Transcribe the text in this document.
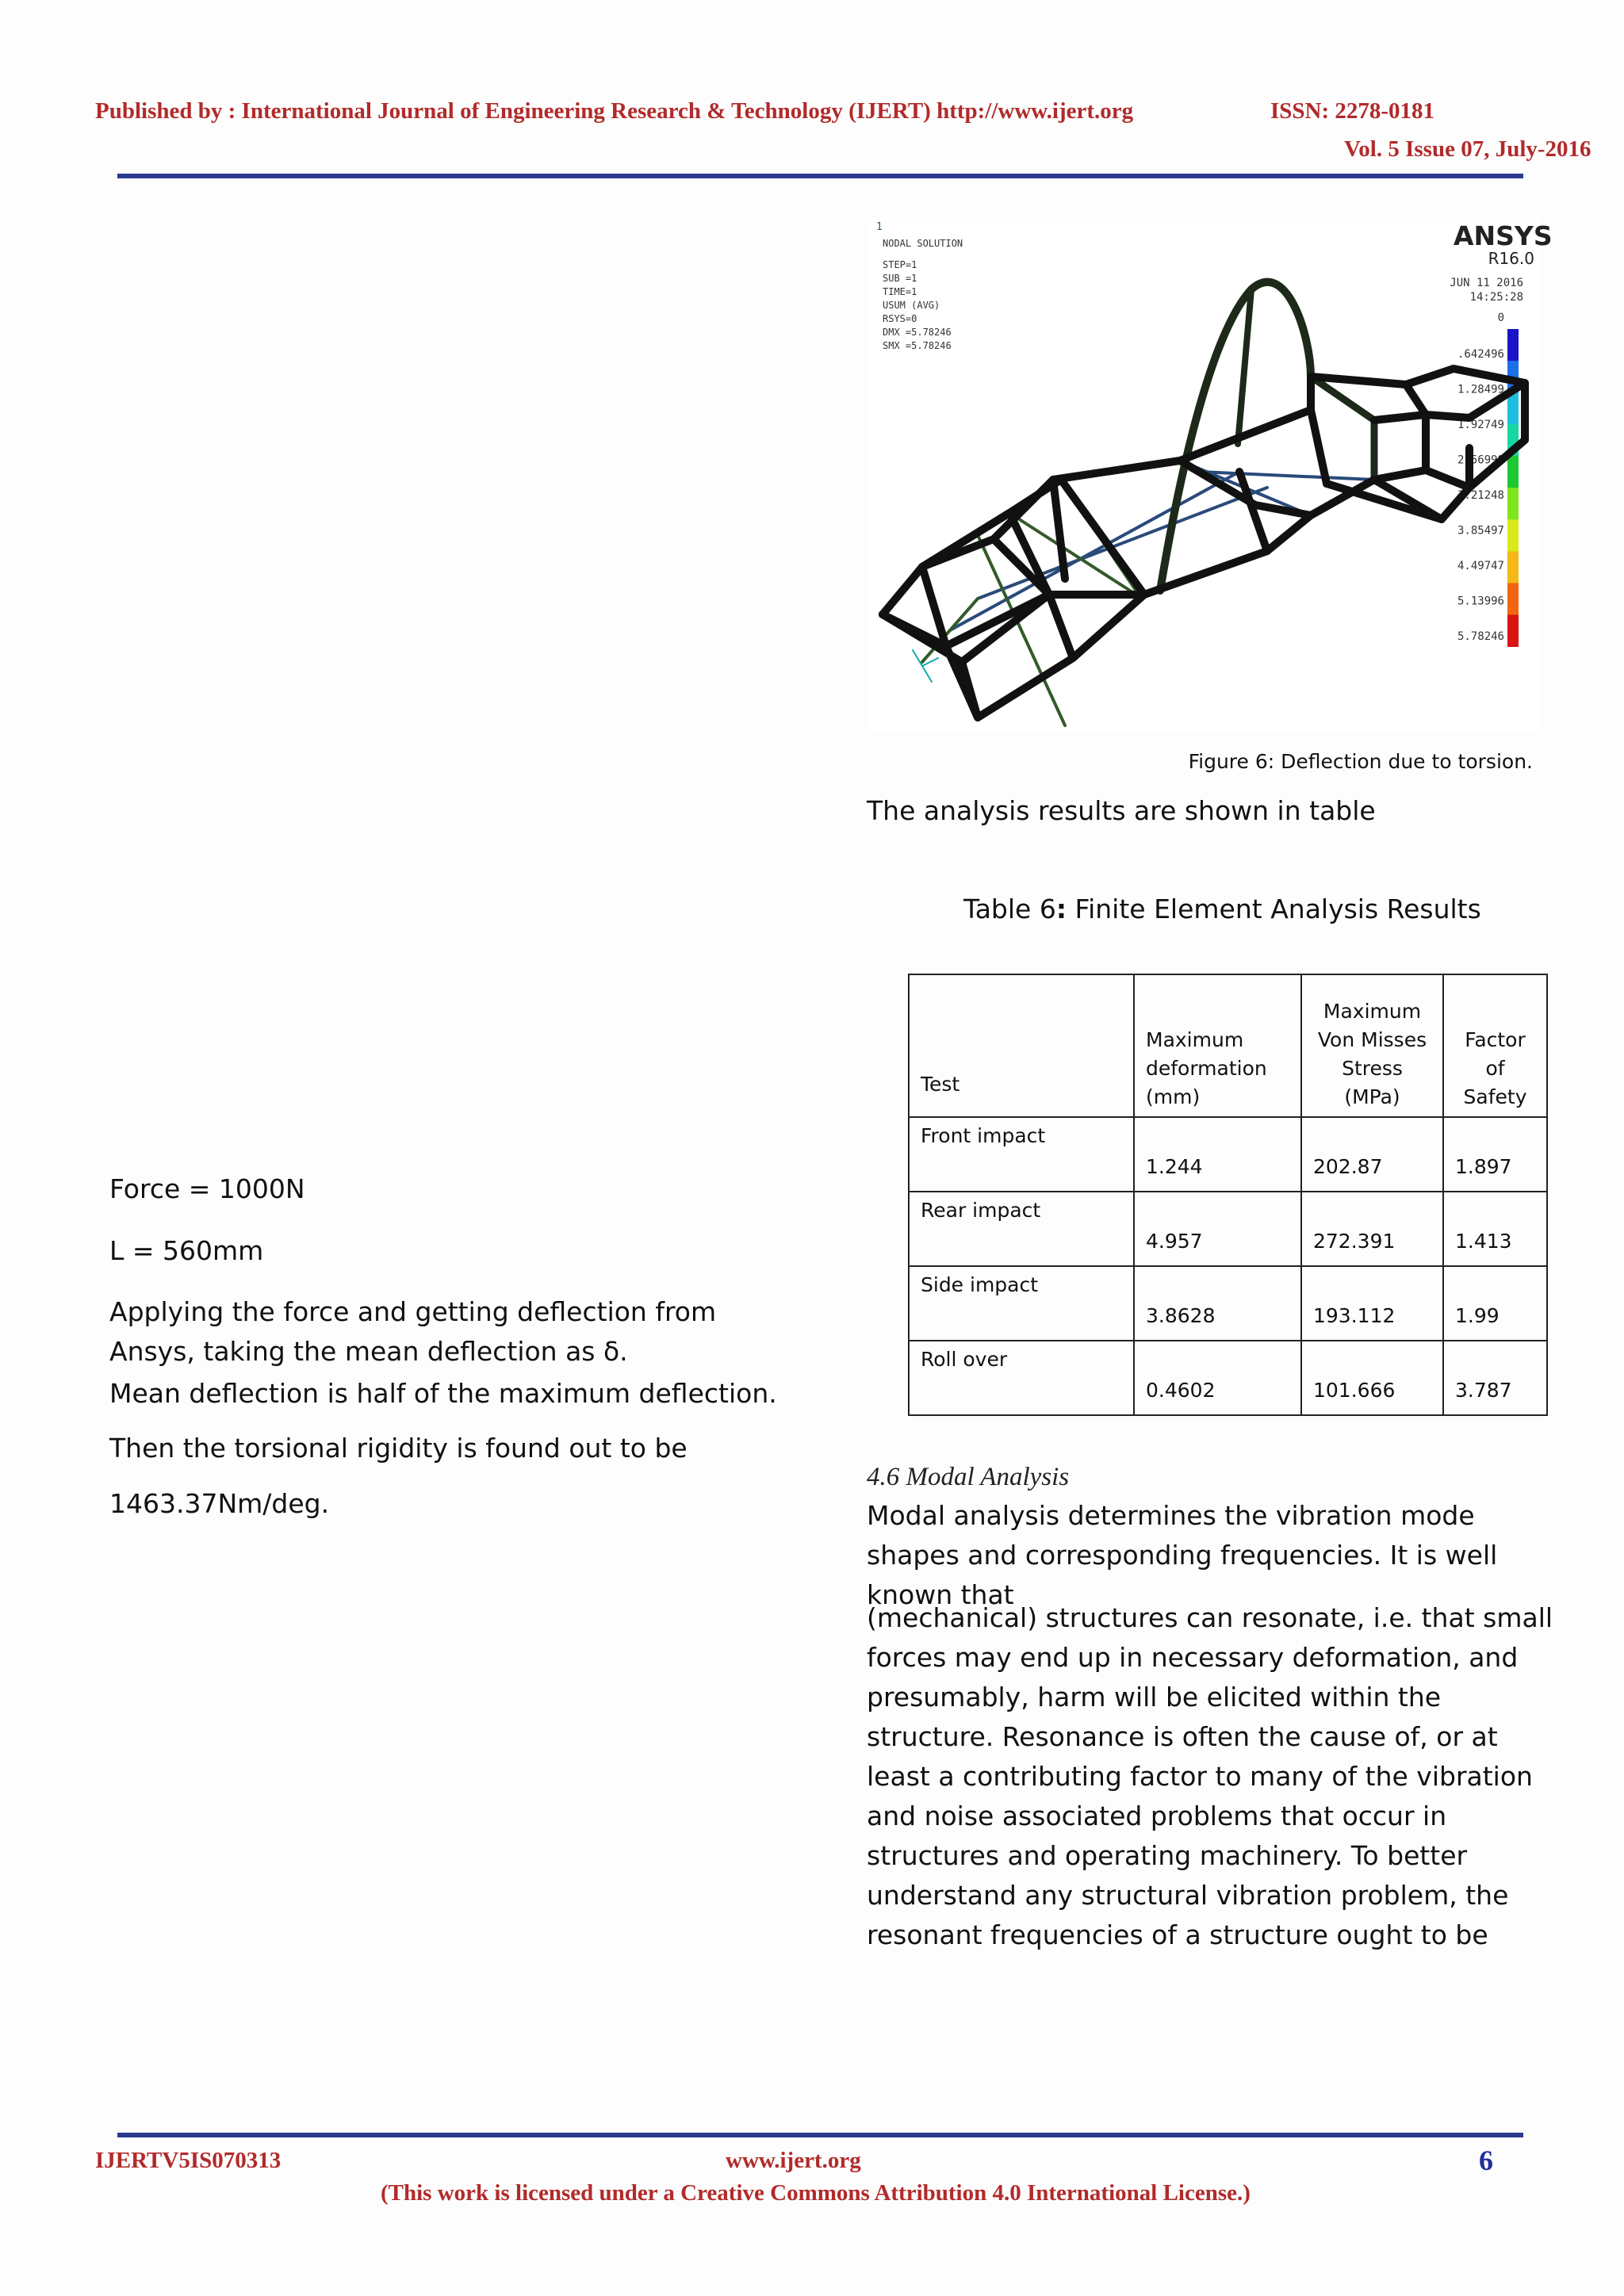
Published by : International Journal of Engineering Research & Technology (IJERT) http://www.ijert.org	ISSN: 2278-0181
Vol. 5 Issue 07, July-2016
1
NODAL SOLUTION
STEP=1
SUB =1
TIME=1
USUM (AVG)
RSYS=0
DMX =5.78246
SMX =5.78246
ANSYS
R16.0
JUN 11 2016
14:25:28
0
.642496
1.28499
1.92749
2.56998
3.21248
3.85497
4.49747
5.13996
5.78246
Figure 6: Deflection due to torsion.
The analysis results are shown in table
Table 6: Finite Element Analysis Results
Test	Maximum deformation (mm)	Maximum Von Misses Stress (MPa)	Factor of Safety
Front impact	1.244	202.87	1.897
Rear impact	4.957	272.391	1.413
Side impact	3.8628	193.112	1.99
Roll over	0.4602	101.666	3.787
Force = 1000N
L = 560mm
Applying the force and getting deflection from Ansys, taking the mean deflection as δ.
Mean deflection is half of the maximum deflection.
Then the torsional rigidity is found out to be
1463.37Nm/deg.
4.6 Modal Analysis
Modal analysis determines the vibration mode shapes and corresponding frequencies. It is well known that
(mechanical) structures can resonate, i.e. that small forces may end up in necessary deformation, and presumably, harm will be elicited within the structure. Resonance is often the cause of, or at least a contributing factor to many of the vibration and noise associated problems that occur in structures and operating machinery. To better understand any structural vibration problem, the resonant frequencies of a structure ought to be
IJERTV5IS070313	www.ijert.org	6
(This work is licensed under a Creative Commons Attribution 4.0 International License.)
